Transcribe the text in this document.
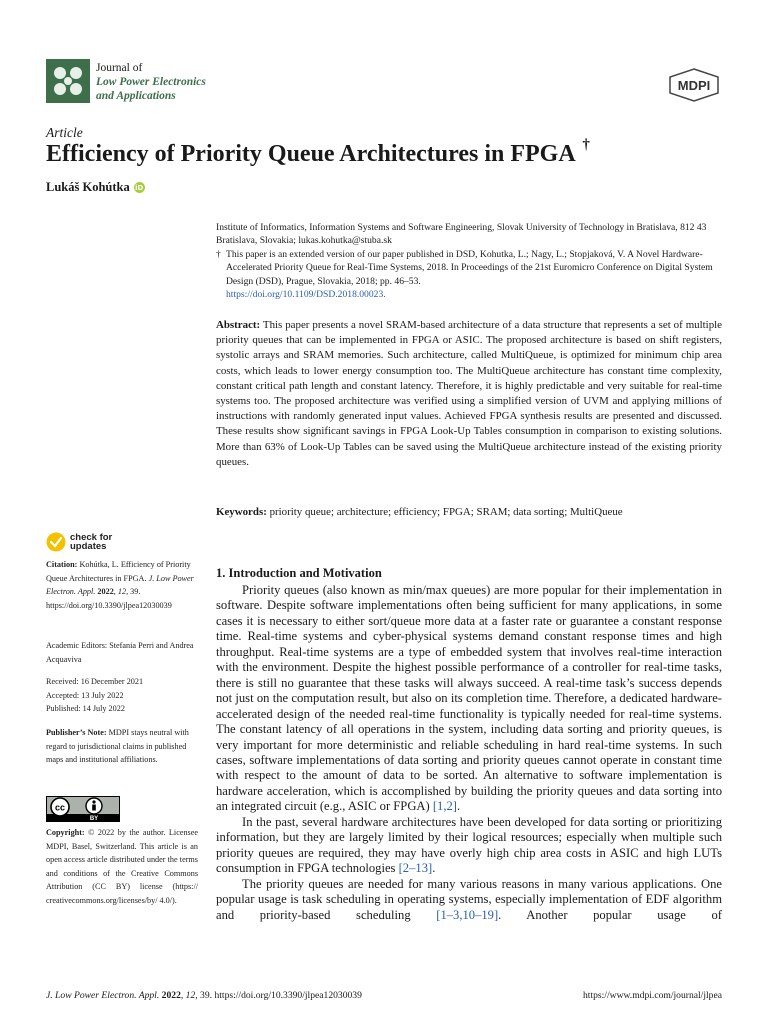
Journal of
Low Power Electronics
and Applications
MDPI
Article
Efficiency of Priority Queue Architectures in FPGA †
Lukáš Kohútka iD

Institute of Informatics, Information Systems and Software Engineering, Slovak University of Technology in Bratislava, 812 43 Bratislava, Slovakia; lukas.kohutka@stuba.sk

† This paper is an extended version of our paper published in DSD, Kohutka, L.; Nagy, L.; Stopjaková, V. A Novel Hardware-Accelerated Priority Queue for Real-Time Systems, 2018. In Proceedings of the 21st Euromicro Conference on Digital System Design (DSD), Prague, Slovakia, 2018; pp. 46–53.
https://doi.org/10.1109/DSD.2018.00023.

Abstract: This paper presents a novel SRAM-based architecture of a data structure that represents a set of multiple priority queues that can be implemented in FPGA or ASIC. The proposed architecture is based on shift registers, systolic arrays and SRAM memories. Such architecture, called MultiQueue, is optimized for minimum chip area costs, which leads to lower energy consumption too. The MultiQueue architecture has constant time complexity, constant critical path length and constant latency. Therefore, it is highly predictable and very suitable for real-time systems too. The proposed architecture was verified using a simplified version of UVM and applying millions of instructions with randomly generated input values. Achieved FPGA synthesis results are presented and discussed. These results show significant savings in FPGA Look-Up Tables consumption in comparison to existing solutions. More than 63% of Look-Up Tables can be saved using the MultiQueue architecture instead of the existing priority queues.

Keywords: priority queue; architecture; efficiency; FPGA; SRAM; data sorting; MultiQueue

check for
updates

Citation: Kohútka, L. Efficiency of Priority Queue Architectures in FPGA. J. Low Power Electron. Appl. 2022, 12, 39. https://doi.org/10.3390/jlpea12030039

Academic Editors: Stefania Perri and Andrea Acquaviva

Received: 16 December 2021

Accepted: 13 July 2022

Published: 14 July 2022

Publisher’s Note: MDPI stays neutral with regard to jurisdictional claims in published maps and institutional affiliations.

cc
BY

Copyright: © 2022 by the author. Licensee MDPI, Basel, Switzerland. This article is an open access article distributed under the terms and conditions of the Creative Commons Attribution (CC BY) license (https:// creativecommons.org/licenses/by/ 4.0/).

1. Introduction and Motivation

Priority queues (also known as min/max queues) are more popular for their implementation in software. Despite software implementations often being sufficient for many applications, in some cases it is necessary to either sort/queue more data at a faster rate or guarantee a constant response time. Real-time systems and cyber-physical systems demand constant response times and high throughput. Real-time systems are a type of embedded system that involves real-time interaction with the environment. Despite the highest possible performance of a controller for real-time tasks, there is still no guarantee that these tasks will always succeed. A real-time task’s success depends not just on the computation result, but also on its completion time. Therefore, a dedicated hardware-accelerated design of the needed real-time functionality is typically needed for real-time systems. The constant latency of all operations in the system, including data sorting and priority queues, is very important for more deterministic and reliable scheduling in hard real-time systems. In such cases, software implementations of data sorting and priority queues cannot operate in constant time with respect to the amount of data to be sorted. An alternative to software implementation is hardware acceleration, which is accomplished by building the priority queues and data sorting into an integrated circuit (e.g., ASIC or FPGA) [1,2].

In the past, several hardware architectures have been developed for data sorting or prioritizing information, but they are largely limited by their logical resources; especially when multiple such priority queues are required, they may have overly high chip area costs in ASIC and high LUTs consumption in FPGA technologies [2–13].

The priority queues are needed for many various reasons in many various applications. One popular usage is task scheduling in operating systems, especially implementation of EDF algorithm and priority-based scheduling [1–3,10–19]. Another popular usage of

J. Low Power Electron. Appl. 2022, 12, 39. https://doi.org/10.3390/jlpea12030039	https://www.mdpi.com/journal/jlpea
